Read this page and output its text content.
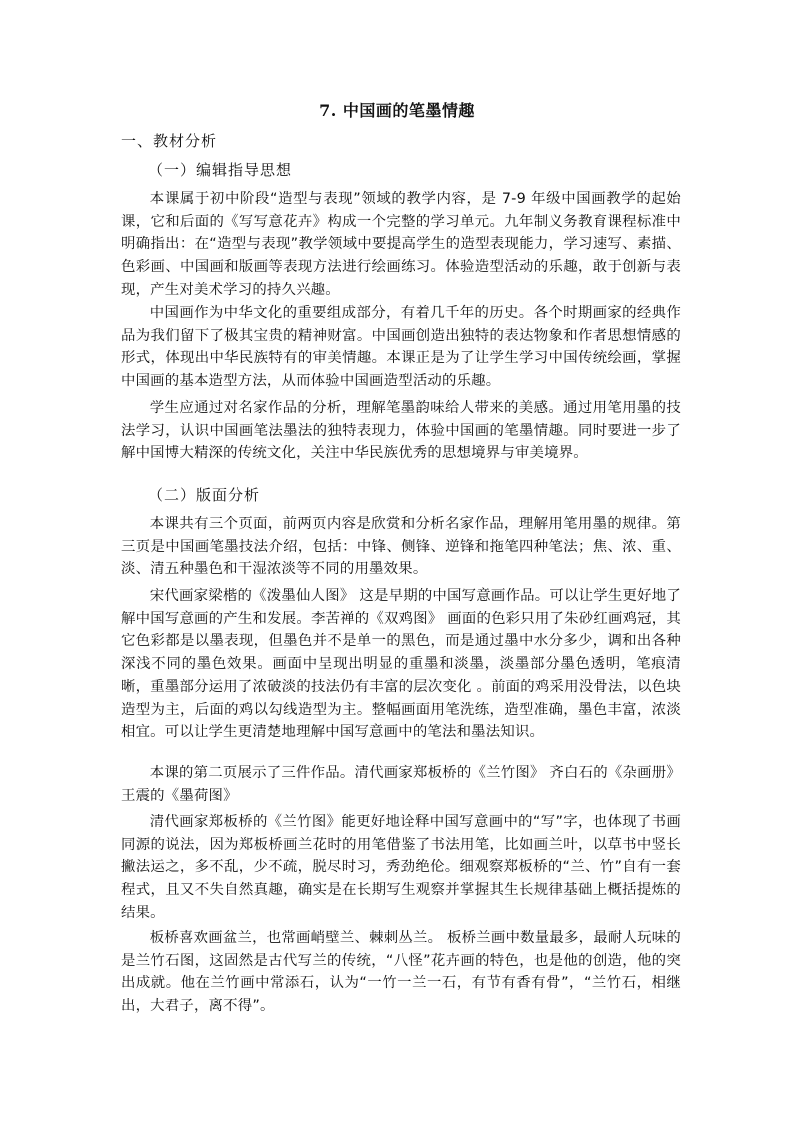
7. 中国画的笔墨情趣
一、教材分析
（一）编辑指导思想
本课属于初中阶段“造型与表现”领域的教学内容，是 7-9 年级中国画教学的起始课，它和后面的《写写意花卉》构成一个完整的学习单元。九年制义务教育课程标准中明确指出：在“造型与表现”教学领域中要提高学生的造型表现能力，学习速写、素描、色彩画、中国画和版画等表现方法进行绘画练习。体验造型活动的乐趣，敢于创新与表现，产生对美术学习的持久兴趣。
中国画作为中华文化的重要组成部分，有着几千年的历史。各个时期画家的经典作品为我们留下了极其宝贵的精神财富。中国画创造出独特的表达物象和作者思想情感的形式，体现出中华民族特有的审美情趣。本课正是为了让学生学习中国传统绘画，掌握中国画的基本造型方法，从而体验中国画造型活动的乐趣。
学生应通过对名家作品的分析，理解笔墨韵味给人带来的美感。通过用笔用墨的技法学习，认识中国画笔法墨法的独特表现力，体验中国画的笔墨情趣。同时要进一步了解中国博大精深的传统文化，关注中华民族优秀的思想境界与审美境界。
（二）版面分析
本课共有三个页面，前两页内容是欣赏和分析名家作品，理解用笔用墨的规律。第三页是中国画笔墨技法介绍，包括：中锋、侧锋、逆锋和拖笔四种笔法；焦、浓、重、淡、清五种墨色和干湿浓淡等不同的用墨效果。
宋代画家梁楷的《泼墨仙人图》 这是早期的中国写意画作品。可以让学生更好地了解中国写意画的产生和发展。李苦禅的《双鸡图》 画面的色彩只用了朱砂红画鸡冠，其它色彩都是以墨表现，但墨色并不是单一的黑色，而是通过墨中水分多少，调和出各种深浅不同的墨色效果。画面中呈现出明显的重墨和淡墨，淡墨部分墨色透明，笔痕清晰，重墨部分运用了浓破淡的技法仍有丰富的层次变化 。前面的鸡采用没骨法，以色块造型为主，后面的鸡以勾线造型为主。整幅画面用笔洗练，造型准确，墨色丰富，浓淡相宜。可以让学生更清楚地理解中国写意画中的笔法和墨法知识。
本课的第二页展示了三件作品。清代画家郑板桥的《兰竹图》 齐白石的《杂画册》 王震的《墨荷图》
清代画家郑板桥的《兰竹图》能更好地诠释中国写意画中的“写”字，也体现了书画同源的说法，因为郑板桥画兰花时的用笔借鉴了书法用笔，比如画兰叶，以草书中竖长撇法运之，多不乱，少不疏，脱尽时习，秀劲绝伦。细观察郑板桥的“兰、竹”自有一套程式，且又不失自然真趣，确实是在长期写生观察并掌握其生长规律基础上概括提炼的结果。
板桥喜欢画盆兰，也常画峭壁兰、棘刺丛兰。 板桥兰画中数量最多，最耐人玩味的是兰竹石图，这固然是古代写兰的传统，“八怪”花卉画的特色，也是他的创造，他的突出成就。他在兰竹画中常添石，认为“一竹一兰一石，有节有香有骨”，“兰竹石，相继出，大君子，离不得”。
